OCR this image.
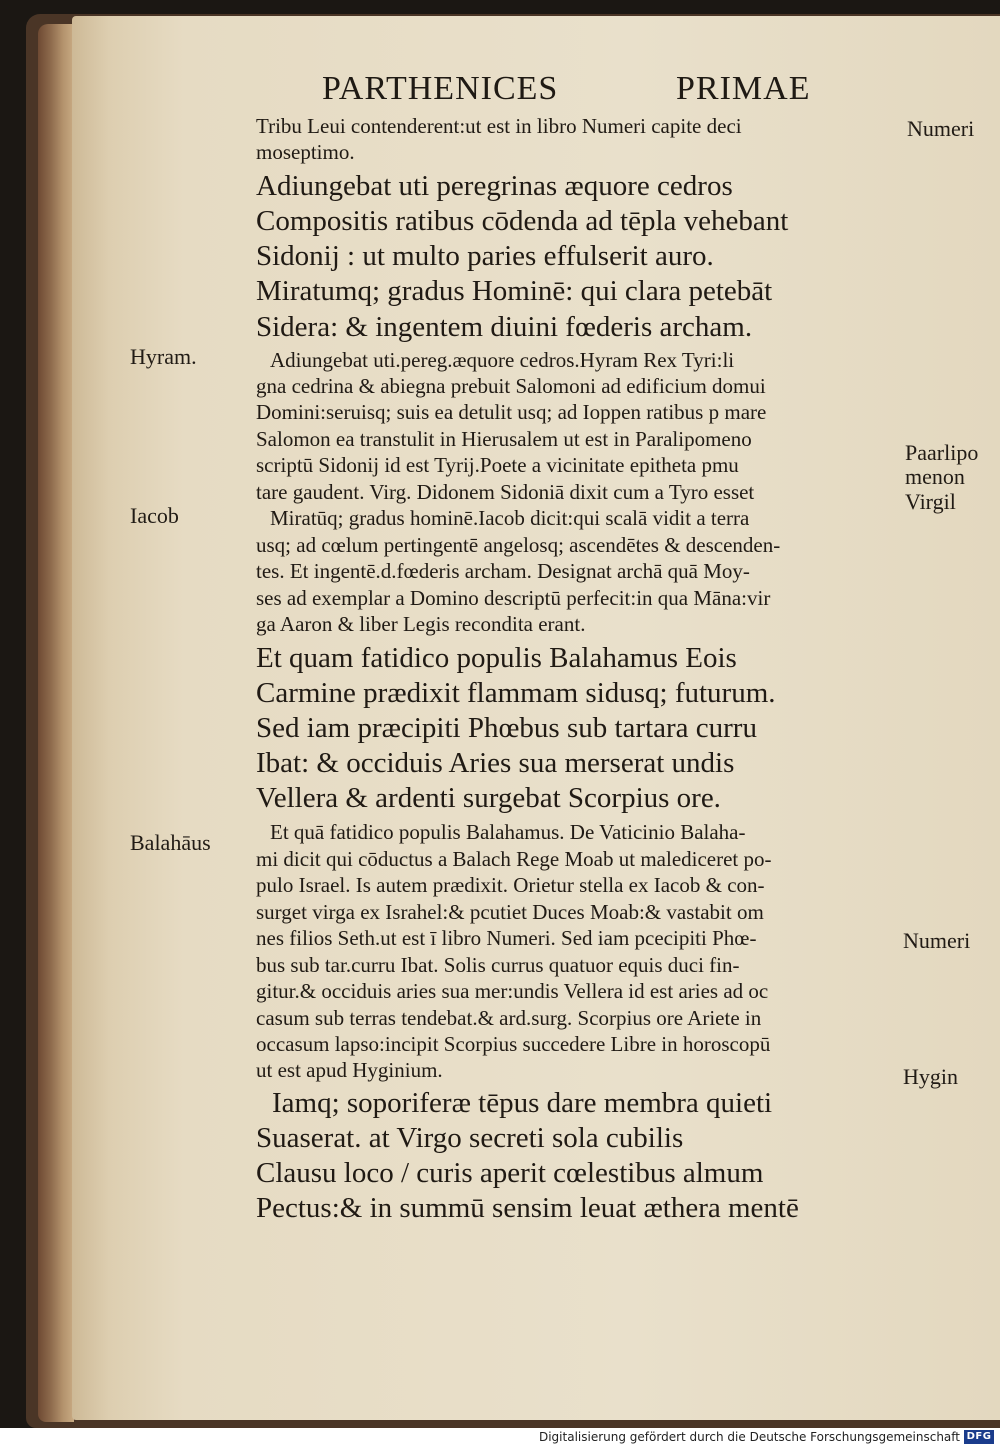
PARTHENICES	PRIMAE

Tribu Leui contenderent:ut est in libro Numeri capite deci

moseptimo.

Adiungebat uti peregrinas æquore cedros

Compositis ratibus cōdenda ad tēpla vehebant

Sidonij : ut multo paries effulserit auro.

Miratumq; gradus Hominē: qui clara petebāt

Sidera: & ingentem diuini fœderis archam.

Adiungebat uti.pereg.æquore cedros.Hyram Rex Tyri:li

gna cedrina & abiegna prebuit Salomoni ad edificium domui

Domini:seruisq; suis ea detulit usq; ad Ioppen ratibus p mare

Salomon ea transtulit in Hierusalem ut est in Paralipomeno

scriptū Sidonij id est Tyrij.Poete a vicinitate epitheta pmu

tare gaudent. Virg. Didonem Sidoniā dixit cum a Tyro esset

Miratūq; gradus hominē.Iacob dicit:qui scalā vidit a terra

usq; ad cœlum pertingentē angelosq; ascendētes & descenden-

tes. Et ingentē.d.fœderis archam. Designat archā quā Moy-

ses ad exemplar a Domino descriptū perfecit:in qua Māna:vir

ga Aaron & liber Legis recondita erant.

Et quam fatidico populis Balahamus Eois

Carmine prædixit flammam sidusq; futurum.

Sed iam præcipiti Phœbus sub tartara curru

Ibat: & occiduis Aries sua merserat undis

Vellera & ardenti surgebat Scorpius ore.

Et quā fatidico populis Balahamus. De Vaticinio Balaha-

mi dicit qui cōductus a Balach Rege Moab ut malediceret po-

pulo Israel. Is autem prædixit. Orietur stella ex Iacob & con-

surget virga ex Israhel:& pcutiet Duces Moab:& vastabit om

nes filios Seth.ut est ī libro Numeri. Sed iam pcecipiti Phœ-

bus sub tar.curru Ibat. Solis currus quatuor equis duci fin-

gitur.& occiduis aries sua mer:undis Vellera id est aries ad oc

casum sub terras tendebat.& ard.surg. Scorpius ore Ariete in

occasum lapso:incipit Scorpius succedere Libre in horoscopū

ut est apud Hyginium.

Iamq; soporiferæ tēpus dare membra quieti

Suaserat. at Virgo secreti sola cubilis

Clausu loco / curis aperit cœlestibus almum

Pectus:& in summū sensim leuat æthera mentē

Hyram.
Iacob
Balahāus
Numeri
Paarlipo
menon
Virgil
Numeri
Hygin
Digitalisierung gefördert durch die Deutsche Forschungsgemeinschaft DFG
